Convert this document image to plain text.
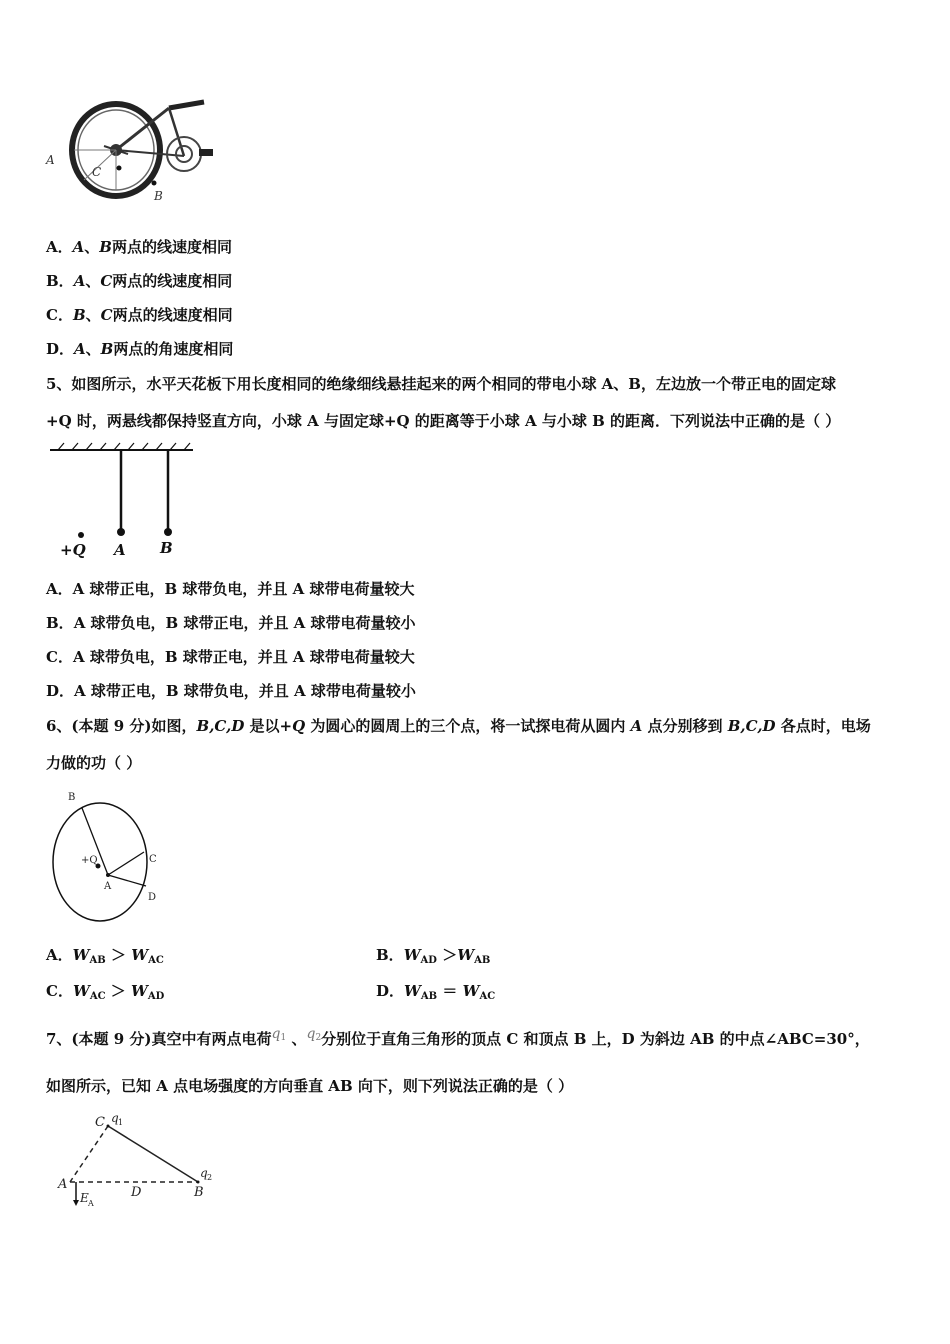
A
C
B
A．A、B两点的线速度相同
B．A、C两点的线速度相同
C．B、C两点的线速度相同
D．A、B两点的角速度相同
5、如图所示，水平天花板下用长度相同的绝缘细线悬挂起来的两个相同的带电小球 A、B，左边放一个带正电的固定球
+Q 时，两悬线都保持竖直方向，小球 A 与固定球+Q 的距离等于小球 A 与小球 B 的距离．下列说法中正确的是（ ）
+Q A B
A．A 球带正电，B 球带负电，并且 A 球带电荷量较大
B．A 球带负电，B 球带正电，并且 A 球带电荷量较小
C．A 球带负电，B 球带正电，并且 A 球带电荷量较大
D．A 球带正电，B 球带负电，并且 A 球带电荷量较小
6、(本题 9 分)如图，B,C,D 是以+Q 为圆心的圆周上的三个点，将一试探电荷从圆内 A 点分别移到 B,C,D 各点时，电场
力做的功（ ）
B
+Q	C
A
D
A．$W_{AB} > W_{AC}$	B．$W_{AD} >W_{AB}$
C．$W_{AC} > W_{AD}$	D．$W_{AB} = W_{AC}$
7、(本题 9 分)真空中有两点电荷$q^1$ 、$q^2$分别位于直角三角形的顶点 C 和顶点 B 上，D 为斜边 AB 的中点∠ABC=30°，
如图所示，已知 A 点电场强度的方向垂直 AB 向下，则下列说法正确的是（ ）
C q 1
A
D	B
q 2
E A
